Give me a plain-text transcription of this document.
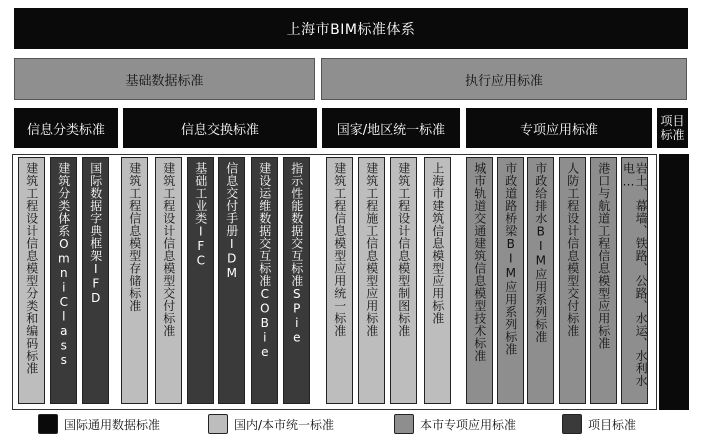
上海市BIM标准体系
基础数据标准	执行应用标准
信息分类标准	信息交换标准	国家/地区统一标准	专项应用标准
项目标准
建筑工程设计信息模型分类和编码标准 建筑分类体系OmniClass 国际数据字典框架IFD 建筑工程信息模型存储标准 建筑工程设计信息模型交付标准 基础工业类IFC 信息交付手册IDM 建设运维数据交互标准COBie 指示性能数据交互标准SPie 建筑工程信息模型应用统一标准 建筑工程施工信息模型应用标准 建筑工程设计信息模型制图标准 上海市建筑信息模型应用标准 城市轨道交通建筑信息模型技术标准 市政道路桥梁BIM应用系列标准 市政给排水BIM应用系列标准 人防工程设计信息模型交付标准 港口与航道工程信息模型应用标准	岩土、幕墙、铁路、公路、水运、水利水电…
国际通用数据标准	国内/本市统一标准	本市专项应用标准	项目标准
